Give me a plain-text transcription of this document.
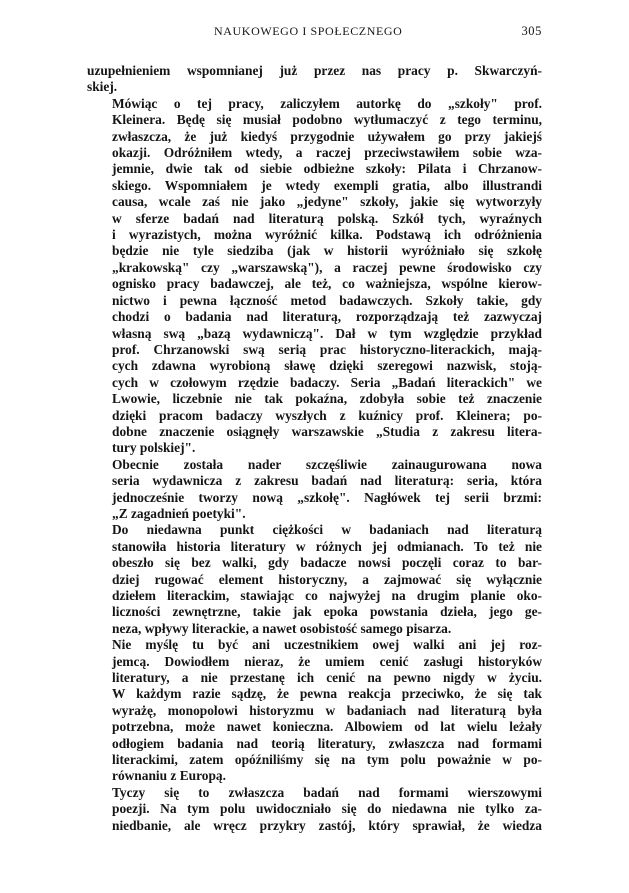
NAUKOWEGO I SPOŁECZNEGO	305

uzupełnieniem wspomnianej już przez nas pracy p. Skwarczyń-
skiej.

Mówiąc o tej pracy, zaliczyłem autorkę do „szkoły" prof.
Kleinera. Będę się musiał podobno wytłumaczyć z tego terminu,
zwłaszcza, że już kiedyś przygodnie używałem go przy jakiejś
okazji. Odróżniłem wtedy, a raczej przeciwstawiłem sobie wza-
jemnie, dwie tak od siebie odbieżne szkoły: Pilata i Chrzanow-
skiego. Wspomniałem je wtedy exempli gratia, albo illustrandi
causa, wcale zaś nie jako „jedyne" szkoły, jakie się wytworzyły
w sferze badań nad literaturą polską. Szkół tych, wyraźnych
i wyrazistych, można wyróżnić kilka. Podstawą ich odróżnienia
będzie nie tyle siedziba (jak w historii wyróżniało się szkołę
„krakowską" czy „warszawską"), a raczej pewne środowisko czy
ognisko pracy badawczej, ale też, co ważniejsza, wspólne kierow-
nictwo i pewna łączność metod badawczych. Szkoły takie, gdy
chodzi o badania nad literaturą, rozporządzają też zazwyczaj
własną swą „bazą wydawniczą". Dał w tym względzie przykład
prof. Chrzanowski swą serią prac historyczno-literackich, mają-
cych zdawna wyrobioną sławę dzięki szeregowi nazwisk, stoją-
cych w czołowym rzędzie badaczy. Seria „Badań literackich" we
Lwowie, liczebnie nie tak pokaźna, zdobyła sobie też znaczenie
dzięki pracom badaczy wyszłych z kuźnicy prof. Kleinera; po-
dobne znaczenie osiągnęły warszawskie „Studia z zakresu litera-
tury polskiej".

Obecnie została nader szczęśliwie zainaugurowana nowa
seria wydawnicza z zakresu badań nad literaturą: seria, która
jednocześnie tworzy nową „szkołę". Nagłówek tej serii brzmi:
„Z zagadnień poetyki".

Do niedawna punkt ciężkości w badaniach nad literaturą
stanowiła historia literatury w różnych jej odmianach. To też nie
obeszło się bez walki, gdy badacze nowsi poczęli coraz to bar-
dziej rugować element historyczny, a zajmować się wyłącznie
dziełem literackim, stawiając co najwyżej na drugim planie oko-
liczności zewnętrzne, takie jak epoka powstania dzieła, jego ge-
neza, wpływy literackie, a nawet osobistość samego pisarza.

Nie myślę tu być ani uczestnikiem owej walki ani jej roz-
jemcą. Dowiodłem nieraz, że umiem cenić zasługi historyków
literatury, a nie przestanę ich cenić na pewno nigdy w życiu.
W każdym razie sądzę, że pewna reakcja przeciwko, że się tak
wyrażę, monopolowi historyzmu w badaniach nad literaturą była
potrzebna, może nawet konieczna. Albowiem od lat wielu leżały
odłogiem badania nad teorią literatury, zwłaszcza nad formami
literackimi, zatem opóźniliśmy się na tym polu poważnie w po-
równaniu z Europą.

Tyczy się to zwłaszcza badań nad formami wierszowymi
poezji. Na tym polu uwidoczniało się do niedawna nie tylko za-
niedbanie, ale wręcz przykry zastój, który sprawiał, że wiedza
